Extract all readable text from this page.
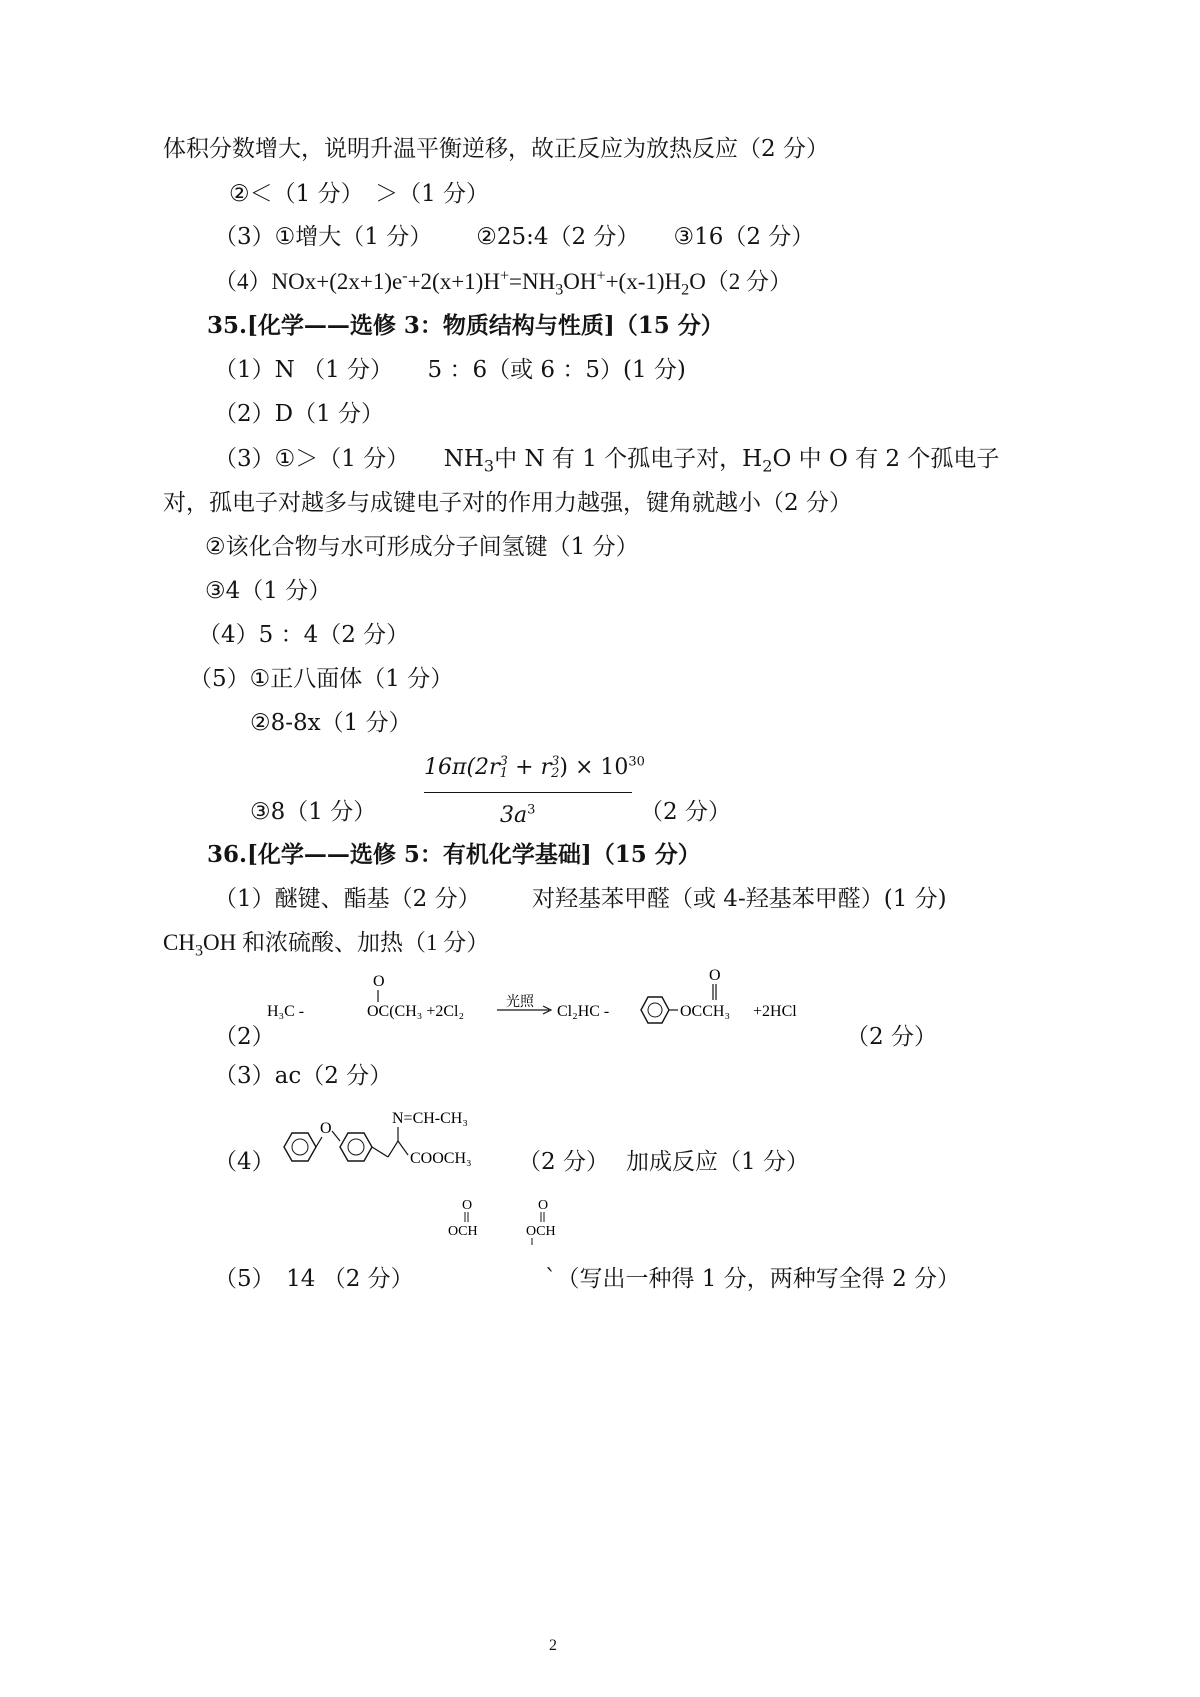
体积分数增大，说明升温平衡逆移，故正反应为放热反应（2 分）
②＜（1 分）　＞（1 分）
（3）①增大（1 分） ②25:4（2 分） ③16（2 分）
$(4)NOx+(2x+1)e^-+2(x+1)H^+=NH_3OH^++(x-1)H_2O(2$ 分）
35.[化学——选修 3：物质结构与性质]（15 分）
（1）N （1 分）　　5 ：6（或 6 ：5）(1 分)
（2）D（1 分）
（3）①＞（1 分）　　$NH_3$中 N 有 1 个孤电子对，$H_2O$ 中 O 有 2 个孤电子
对，孤电子对越多与成键电子对的作用力越强，键角就越小（2 分）
②该化合物与水可形成分子间氢键（1 分）
③4（1 分）
（4）5 ：4（2 分）
（5）①正八面体（1 分）
②8-8x（1 分）
16π(2r 3
1 + r 3
2 ) × $10^{30}$
③8（1 分）	$3a^3$	（2 分）
36.[化学——选修 5：有机化学基础]（15 分）
（1）醚键、酯基（2 分） 对羟基苯甲醛（或 4-羟基苯甲醛）(1 分)
$CH_3OH$ 和浓硫酸、加热（1 分）
（2）
H₃C -
O
OC(CH₃ +2Cl₂
光照
Cl₂HC -
O
OCCH₃ +2HCl
（2 分）
（3）ac（2 分）
（4）
O
N=CH-CH₃
COOCH₃ （2 分） 加成反应（1 分）
O
OCH
O
OCH
（5）　14 （2 分）	`（写出一种得 1 分，两种写全得 2 分）
2
